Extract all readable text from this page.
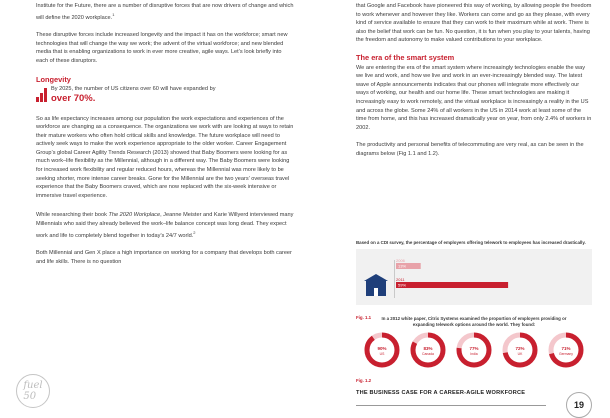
Institute for the Future, there are a number of disruptive forces that are now drivers of change and which will define the 2020 workplace.$^1$

These disruptive forces include increased longevity and the impact it has on the workforce; smart new technologies that will change the way we work; the advent of the virtual workforce; and new blended media that is enabling organizations to work in ever more creative, agile ways. Let’s look briefly into each of these disruptors.

Longevity
By 2025, the number of US citizens over 60 will have expanded by
over 70%.

So as life expectancy increases among our population the work expectations and experiences of the workforce are changing as a consequence. The organizations we work with are looking at ways to retain their mature workers who often hold critical skills and knowledge. The future workplace will need to actively seek ways to make the work experience appropriate to the older worker. Career Engagement Group’s global Career Agility Trends Research (2013) showed that Baby Boomers were looking for as much work–life flexibility as the Millennial, although in a different way. The Baby Boomers were looking for increased work flexibility and regular reduced hours, whereas the Millennial was more likely to be seeking shorter, more intense career breaks. Gone for the Millennial are the two years’ overseas travel experience that the Baby Boomers craved, which are now replaced with the six-week intensive or immersive travel experience.

While researching their book The 2020 Workplace, Jeanne Meister and Karie Willyerd interviewed many Millennials who said they already believed the work–life balance concept was long dead. They expect work and life to completely blend together in today’s 24/7 world.$^2$

Both Millennial and Gen X place a high importance on working for a company that develops both career and life skills. There is no question

that Google and Facebook have pioneered this way of working, by allowing people the freedom to work whenever and however they like. Workers can come and go as they please, with every kind of service available to ensure that they can work to their maximum while at work. There is also the belief that work can be fun. No question, it is fun when you play to your talents, having the freedom and autonomy to make valued contributions to your workplace.

The era of the smart system

We are entering the era of the smart system where increasingly technologies enable the way we live and work, and how we live and work in an ever-increasingly blended way. The latest wave of Apple announcements indicates that our phones will integrate more effectively our ways of working, our health and our home life. These smart technologies are making it increasingly easy to work remotely, and the virtual workplace is increasingly a reality in the US and across the globe. Some 24% of all workers in the US in 2014 work at least some of the time from home, and this has increased dramatically year on year, from only 2.4% of workers in 2002.

The productivity and personal benefits of telecommuting are very real, as can be seen in the diagrams below (Fig 1.1 and 1.2).

Based on a CDI survey, the percentage of employers offering telework to employees has increased drastically.
2006
13%
2011
59%
Fig. 1.1	In a 2012 white paper, Citrix Systems examined the proportion of employers providing or expanding telework options around the world. They found:
90%
US
83%
Canada
77%
India
72%
UK
71%
Germany
Fig. 1.2
fuel
50	THE BUSINESS CASE FOR A CAREER-AGILE WORKFORCE
19
